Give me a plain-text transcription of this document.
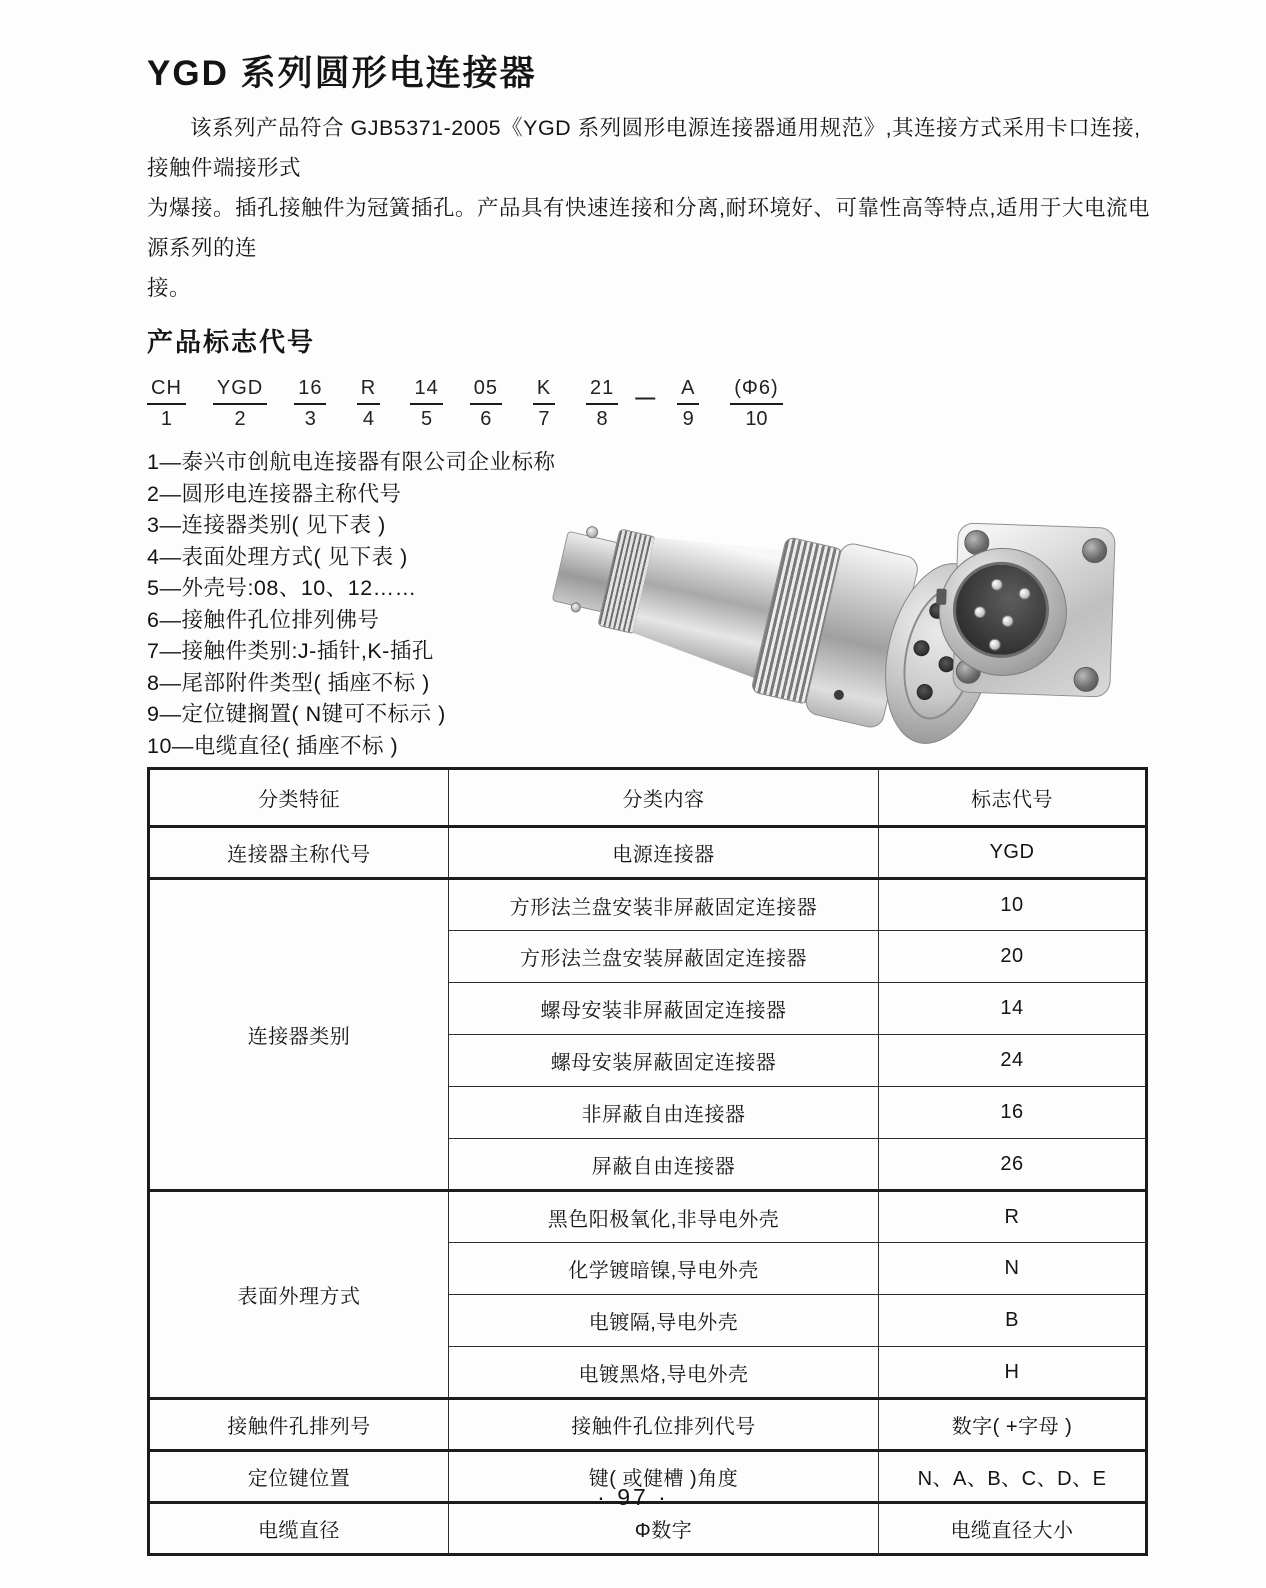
YGD 系列圆形电连接器
该系列产品符合 GJB5371-2005《YGD 系列圆形电源连接器通用规范》,其连接方式采用卡口连接,接触件端接形式
为爆接。插孔接触件为冠簧插孔。产品具有快速连接和分离,耐环境好、可靠性高等特点,适用于大电流电源系列的连
接。
产品标志代号
CH
1
YGD
2
16
3
R
4
14
5
05
6
K
7
21
8
— A
9
(Φ6)
10
1—泰兴市创航电连接器有限公司企业标称
2—圆形电连接器主称代号
3—连接器类别( 见下表 )
4—表面处理方式( 见下表 )
5—外壳号:08、10、12……
6—接触件孔位排列佛号
7—接触件类别:J-插针,K-插孔
8—尾部附件类型( 插座不标 )
9—定位键搁置( N键可不标示 )
10—电缆直径( 插座不标 )
分类特征	分类内容	标志代号
连接器主称代号	电源连接器	YGD
连接器类别	方形法兰盘安装非屏蔽固定连接器	10
	方形法兰盘安装屏蔽固定连接器	20
	螺母安装非屏蔽固定连接器	14
	螺母安装屏蔽固定连接器	24
	非屏蔽自由连接器	16
	屏蔽自由连接器	26
表面外理方式	黑色阳极氧化,非导电外壳	R
	化学镀暗镍,导电外壳	N
	电镀隔,导电外壳	B
	电镀黑烙,导电外壳	H
接触件孔排列号	接触件孔位排列代号	数字( +字母 )
定位键位置	键( 或健槽 )角度	N、A、B、C、D、E
电缆直径	Φ数字	电缆直径大小
· 97 ·
